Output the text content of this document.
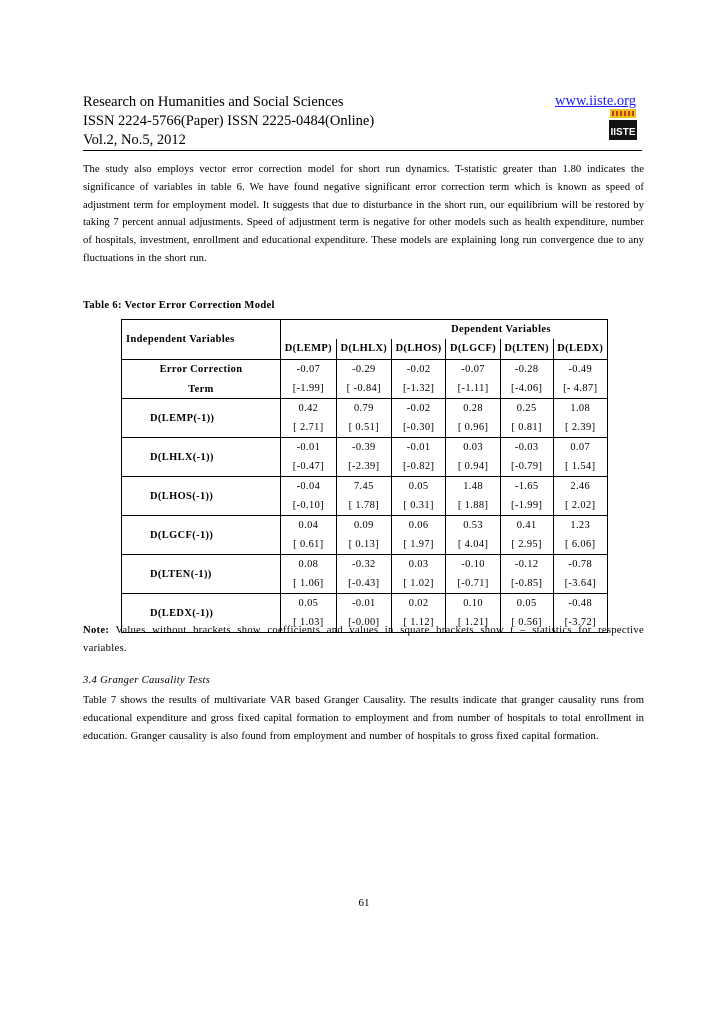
Research on Humanities and Social Sciences
ISSN 2224-5766(Paper) ISSN 2225-0484(Online)
Vol.2, No.5, 2012
www.iiste.org
IISTE

The study also employs vector error correction model for short run dynamics. T-statistic greater than 1.80 indicates the significance of variables in table 6. We have found negative significant error correction term which is known as speed of adjustment term for employment model. It suggests that due to disturbance in the short run, our equilibrium will be restored by taking 7 percent annual adjustments. Speed of adjustment term is negative for other models such as health expenditure, number of hospitals, investment, enrollment and educational expenditure. These models are explaining long run convergence due to any fluctuations in the short run.

Table 6: Vector Error Correction Model
Independent Variables	Dependent Variables					
	D(LEMP)	D(LHLX)	D(LHOS)	D(LGCF)	D(LTEN)	D(LEDX)

Error Correction
Term	-0.07	-0.29	-0.02	-0.07	-0.28	-0.49
	[-1.99]	[ -0.84]	[-1.32]	[-1.11]	[-4.06]	[- 4.87]
D(LEMP(-1))	0.42	0.79	-0.02	0.28	0.25	1.08
	[ 2.71]	[ 0.51]	[-0.30]	[ 0.96]	[ 0.81]	[ 2.39]
D(LHLX(-1))	-0.01	-0.39	-0.01	0.03	-0.03	0.07
	[-0.47]	[-2.39]	[-0.82]	[ 0.94]	[-0.79]	[ 1.54]
D(LHOS(-1))	-0.04	7.45	0.05	1.48	-1.65	2.46
	[-0.10]	[ 1.78]	[ 0.31]	[ 1.88]	[-1.99]	[ 2.02]
D(LGCF(-1))	0.04	0.09	0.06	0.53	0.41	1.23
	[ 0.61]	[ 0.13]	[ 1.97]	[ 4.04]	[ 2.95]	[ 6.06]
D(LTEN(-1))	0.08	-0.32	0.03	-0.10	-0.12	-0.78
	[ 1.06]	[-0.43]	[ 1.02]	[-0.71]	[-0.85]	[-3.64]
D(LEDX(-1))	0.05	-0.01	0.02	0.10	0.05	-0.48
	[ 1.03]	[-0.00]	[ 1.12]	[ 1.21]	[ 0.56]	[-3.72]
Note: Values without brackets show coefficients and values in square brackets show t – statistics for respective variables.
3.4 Granger Causality Tests

Table 7 shows the results of multivariate VAR based Granger Causality. The results indicate that granger causality runs from educational expenditure and gross fixed capital formation to employment and from number of hospitals to total enrollment in education. Granger causality is also found from employment and number of hospitals to gross fixed capital formation.

61
